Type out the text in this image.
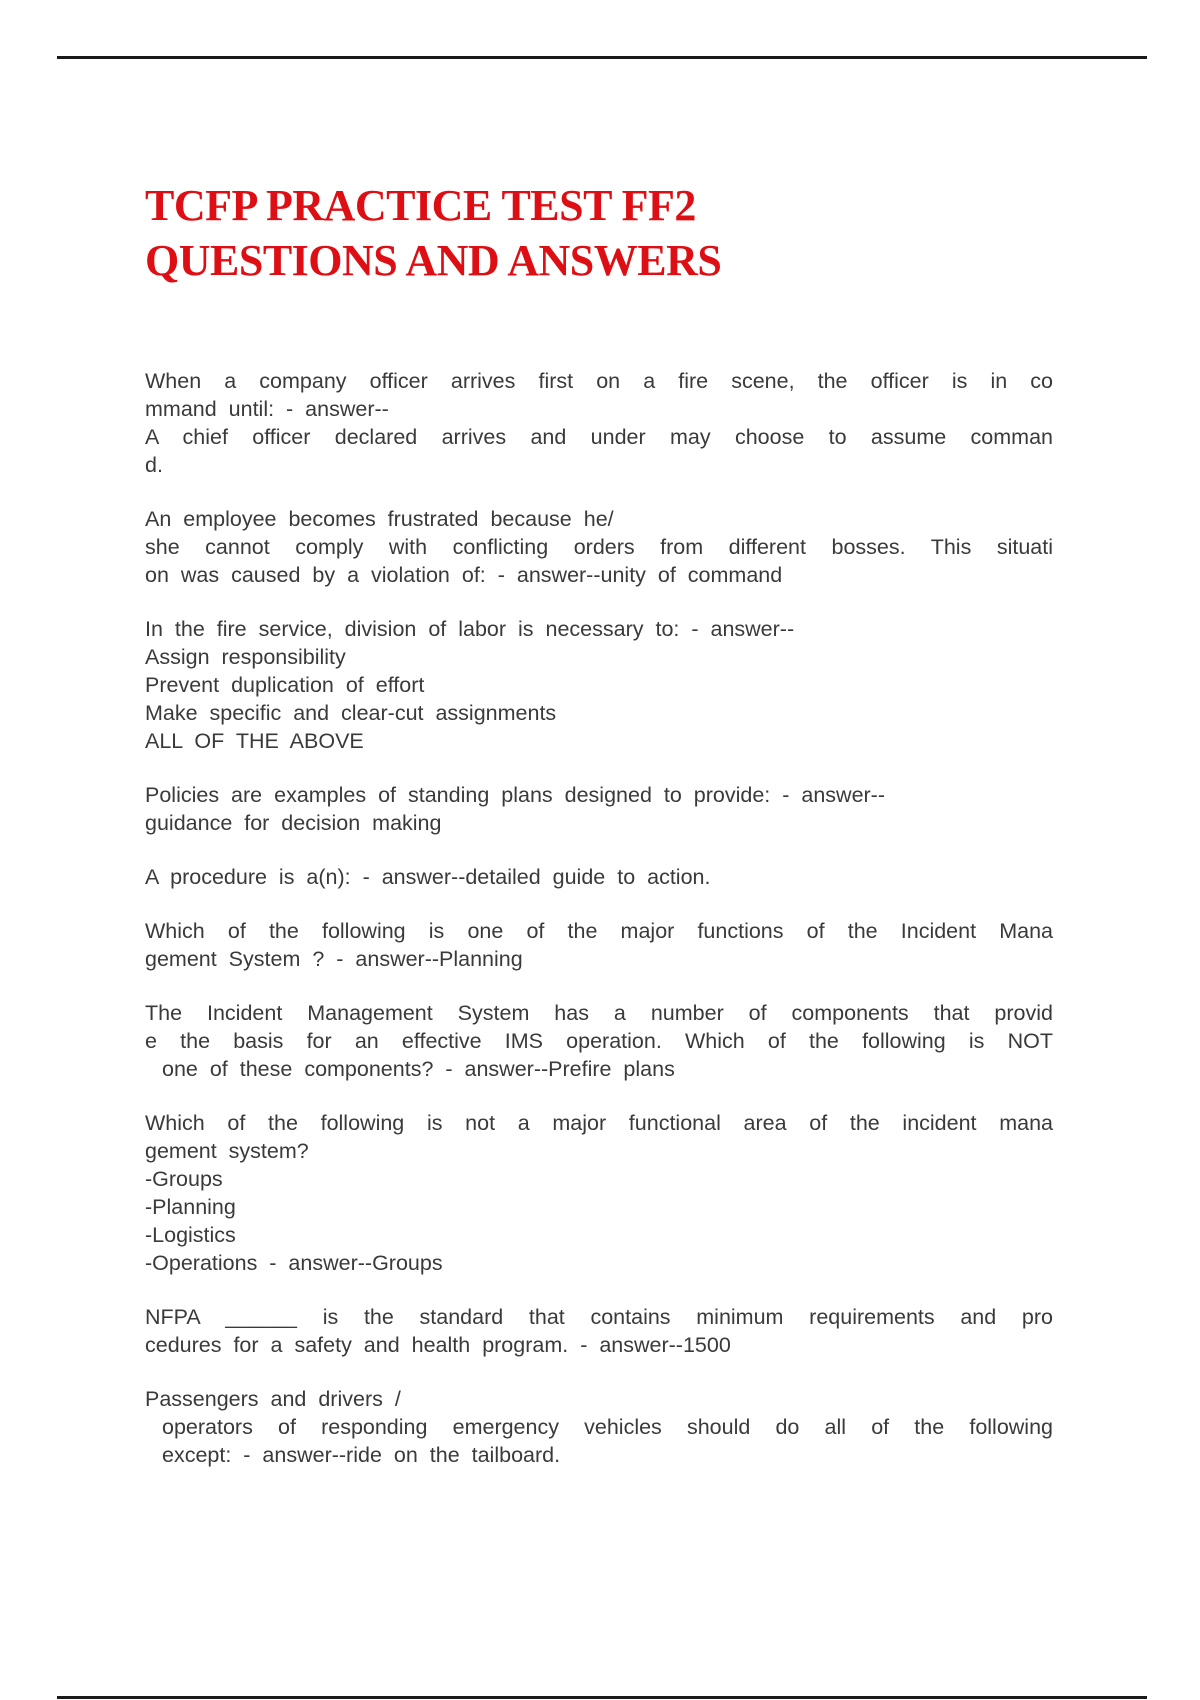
TCFP PRACTICE TEST FF2
QUESTIONS AND ANSWERS

When a company officer arrives first on a fire scene, the officer is in co

mmand until: - answer--

A chief officer declared arrives and under may choose to assume comman

d.

An employee becomes frustrated because he/

she cannot comply with conflicting orders from different bosses. This situati

on was caused by a violation of: - answer--unity of command

In the fire service, division of labor is necessary to: - answer--

Assign responsibility

Prevent duplication of effort

Make specific and clear-cut assignments

ALL OF THE ABOVE

Policies are examples of standing plans designed to provide: - answer--

guidance for decision making

A procedure is a(n): - answer--detailed guide to action.

Which of the following is one of the major functions of the Incident Mana

gement System ? - answer--Planning

The Incident Management System has a number of components that provid

e the basis for an effective IMS operation. Which of the following is NOT

one of these components? - answer--Prefire plans

Which of the following is not a major functional area of the incident mana

gement system?

-Groups

-Planning

-Logistics

-Operations - answer--Groups

NFPA ______ is the standard that contains minimum requirements and pro

cedures for a safety and health program. - answer--1500

Passengers and drivers /

operators of responding emergency vehicles should do all of the following

except: - answer--ride on the tailboard.
